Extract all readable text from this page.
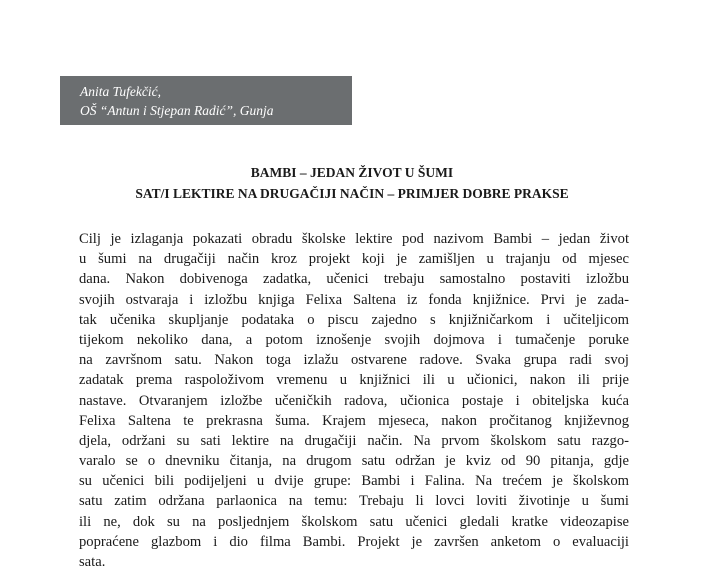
Anita Tufekčić,
OŠ “Antun i Stjepan Radić”, Gunja
BAMBI – JEDAN ŽIVOT U ŠUMI
SAT/I LEKTIRE NA DRUGAČIJI NAČIN – PRIMJER DOBRE PRAKSE
Cilj je izlaganja pokazati obradu školske lektire pod nazivom Bambi – jedan život
u šumi na drugačiji način kroz projekt koji je zamišljen u trajanju od mjesec
dana. Nakon dobivenoga zadatka, učenici trebaju samostalno postaviti izložbu
svojih ostvaraja i izložbu knjiga Felixa Saltena iz fonda knjižnice. Prvi je zada-
tak učenika skupljanje podataka o piscu zajedno s knjižničarkom i učiteljicom
tijekom nekoliko dana, a potom iznošenje svojih dojmova i tumačenje poruke
na završnom satu. Nakon toga izlažu ostvarene radove. Svaka grupa radi svoj
zadatak prema raspoloživom vremenu u knjižnici ili u učionici, nakon ili prije
nastave. Otvaranjem izložbe učeničkih radova, učionica postaje i obiteljska kuća
Felixa Saltena te prekrasna šuma. Krajem mjeseca, nakon pročitanog književnog
djela, održani su sati lektire na drugačiji način. Na prvom školskom satu razgo-
varalo se o dnevniku čitanja, na drugom satu održan je kviz od 90 pitanja, gdje
su učenici bili podijeljeni u dvije grupe: Bambi i Falina. Na trećem je školskom
satu zatim održana parlaonica na temu: Trebaju li lovci loviti životinje u šumi
ili ne, dok su na posljednjem školskom satu učenici gledali kratke videozapise
popraćene glazbom i dio filma Bambi. Projekt je završen anketom o evaluaciji
sata.
